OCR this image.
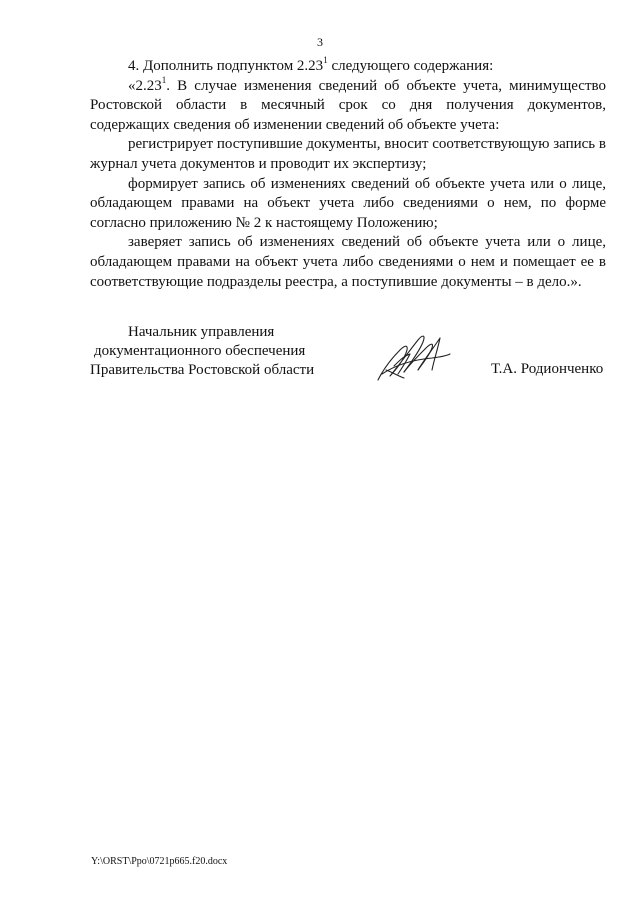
3

4. Дополнить подпунктом 2.23$^1$ следующего содержания:

«2.23$^1$. В случае изменения сведений об объекте учета, минимущество Ростовской области в месячный срок со дня получения документов, содержащих сведения об изменении сведений об объекте учета:

регистрирует поступившие документы, вносит соответствующую запись в журнал учета документов и проводит их экспертизу;

формирует запись об изменениях сведений об объекте учета или о лице, обладающем правами на объект учета либо сведениями о нем, по форме согласно приложению № 2 к настоящему Положению;

заверяет запись об изменениях сведений об объекте учета или о лице, обладающем правами на объект учета либо сведениями о нем и помещает ее в соответствующие подразделы реестра, а поступившие документы – в дело.».

Начальник управления
документационного обеспечения
Правительства Ростовской области	Т.А. Родионченко
Y:\ORST\Ppo\0721p665.f20.docx
